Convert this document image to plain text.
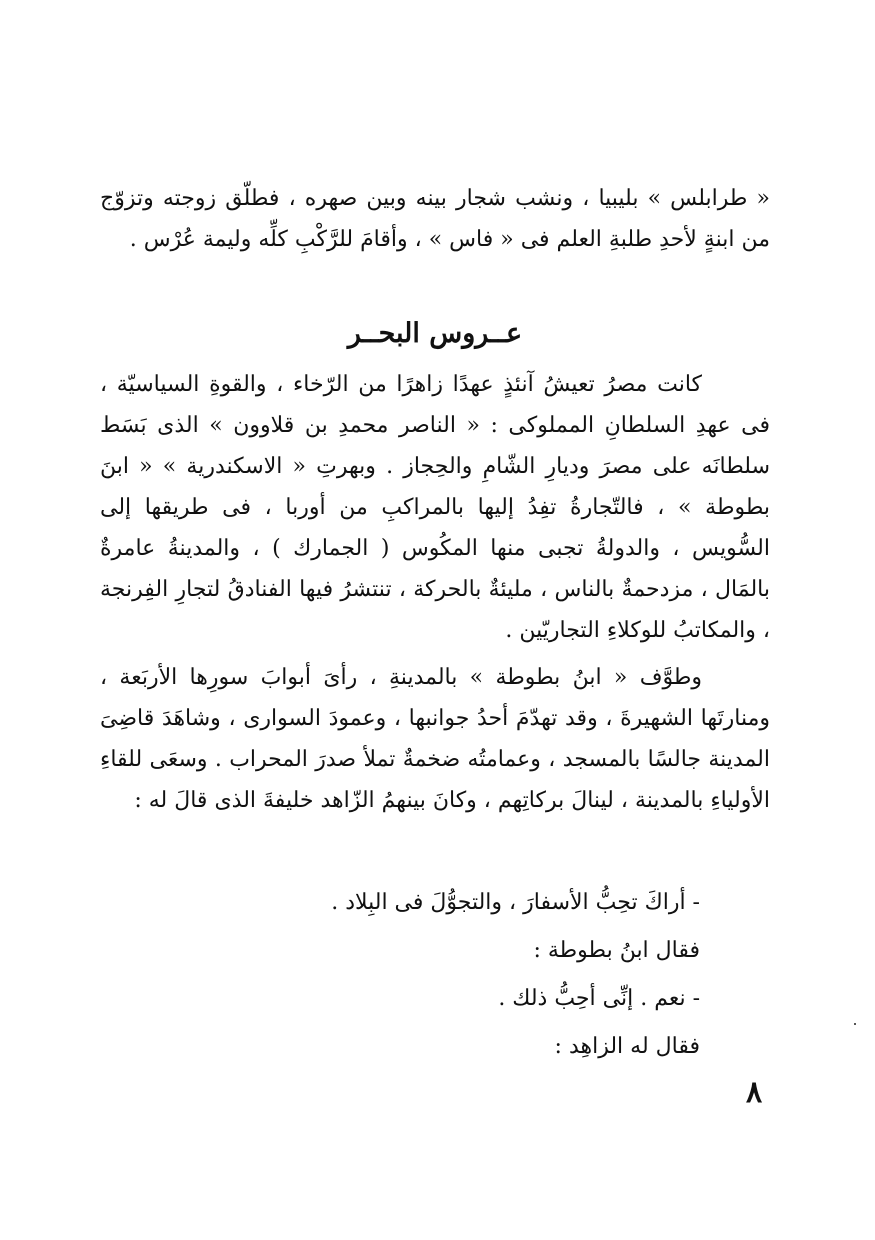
« طرابلس » بليبيا ، ونشب شجار بينه وبين صهره ، فطلّق زوجته وتزوّج من ابنةٍ لأحدِ طلبةِ العلم فى « فاس » ، وأقامَ للرَّكْبِ كلِّه وليمة عُرْس .
عــروس البحــر

كانت مصرُ تعيشُ آنئذٍ عهدًا زاهرًا من الرّخاء ، والقوةِ السياسيّة ، فى عهدِ السلطانِ المملوكى : « الناصر محمدِ بن قلاوون » الذى بَسَط سلطانَه على مصرَ وديارِ الشّامِ والحِجاز . وبهرتِ « الاسكندرية » « ابنَ بطوطة » ، فالتّجارةُ تفِدُ إليها بالمراكبِ من أوربا ، فى طريقها إلى السُّويس ، والدولةُ تجبى منها المكُوس ( الجمارك ) ، والمدينةُ عامرةٌ بالمَال ، مزدحمةٌ بالناس ، مليئةٌ بالحركة ، تنتشرُ فيها الفنادقُ لتجارِ الفِرنجة ، والمكاتبُ للوكلاءِ التجاريّين .

وطوَّف « ابنُ بطوطة » بالمدينةِ ، رأىَ أبوابَ سورِها الأربَعة ، ومنارتَها الشهيرةَ ، وقد تهدّمَ أحدُ جوانبها ، وعمودَ السوارى ، وشاهَدَ قاضِىَ المدينة جالسًا بالمسجد ، وعمامتُه ضخمةٌ تملأ صدرَ المحراب . وسعَى للقاءِ الأولياءِ بالمدينة ، لينالَ بركاتِهم ، وكانَ بينهمُ الزّاهد خليفةَ الذى قالَ له :

- أراكَ تحِبُّ الأسفارَ ، والتجوُّلَ فى البِلاد .
فقال ابنُ بطوطة :
- نعم . إنِّى أحِبُّ ذلك .
فقال له الزاهِد :
٨
